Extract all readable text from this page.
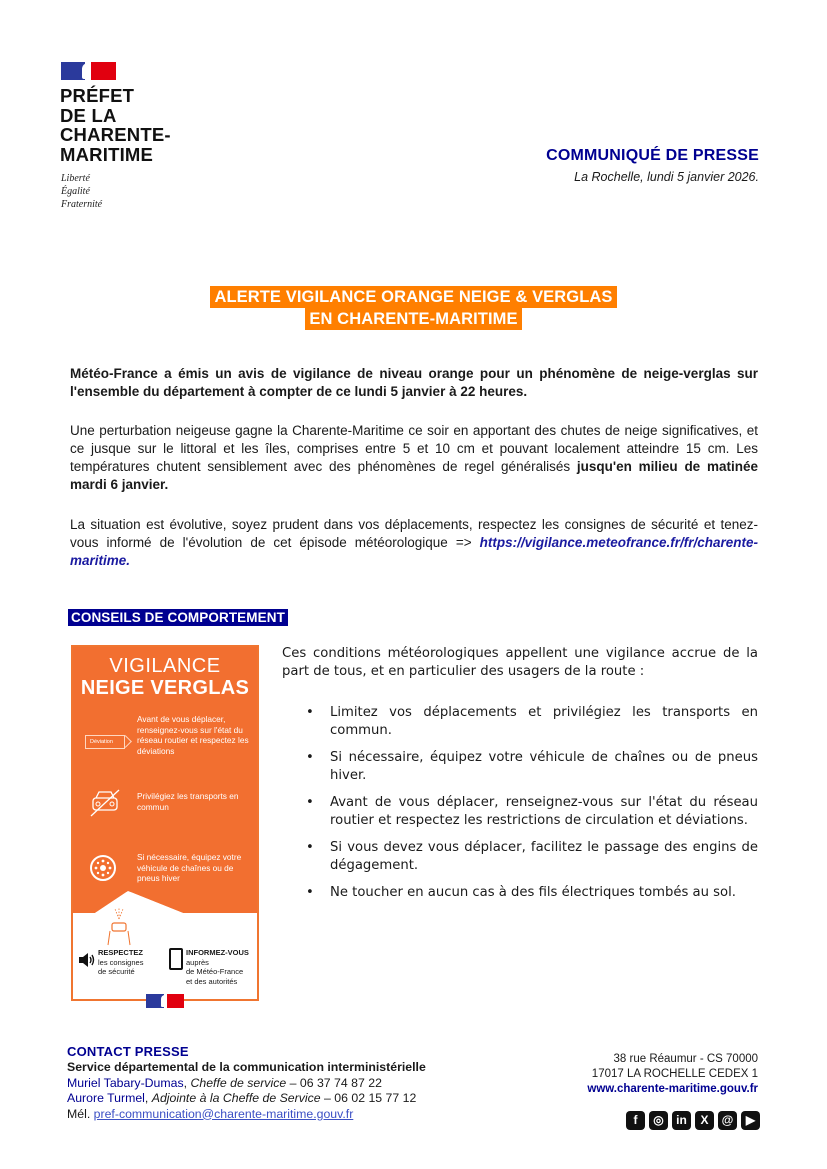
PRÉFET
DE LA
CHARENTE-
MARITIME
Liberté
Égalité
Fraternité
COMMUNIQUÉ DE PRESSE
La Rochelle, lundi 5 janvier 2026.
ALERTE VIGILANCE ORANGE NEIGE & VERGLAS
EN CHARENTE-MARITIME
Météo-France a émis un avis de vigilance de niveau orange pour un phénomène de neige-verglas sur l'ensemble du département à compter de ce lundi 5 janvier à 22 heures.
Une perturbation neigeuse gagne la Charente-Maritime ce soir en apportant des chutes de neige significatives, et ce jusque sur le littoral et les îles, comprises entre 5 et 10 cm et pouvant localement atteindre 15 cm. Les températures chutent sensiblement avec des phénomènes de regel généralisés jusqu'en milieu de matinée mardi 6 janvier.
La situation est évolutive, soyez prudent dans vos déplacements, respectez les consignes de sécurité et tenez-vous informé de l'évolution de cet épisode météorologique => https://vigilance.meteofrance.fr/fr/charente-maritime.
CONSEILS DE COMPORTEMENT
VIGILANCE
NEIGE VERGLAS
Déviation
Avant de vous déplacer, renseignez-vous sur l'état du réseau routier et respectez les déviations
Privilégiez les transports en commun
Si nécessaire, équipez votre véhicule de chaînes ou de pneus hiver
RESPECTEZ
les consignes
de sécurité
INFORMEZ-VOUS
auprès
de Météo-France
et des autorités
Ces conditions météorologiques appellent une vigilance accrue de la part de tous, et en particulier des usagers de la route :
• Limitez vos déplacements et privilégiez les transports en commun.
• Si nécessaire, équipez votre véhicule de chaînes ou de pneus hiver.
• Avant de vous déplacer, renseignez-vous sur l'état du réseau routier et respectez les restrictions de circulation et déviations.
• Si vous devez vous déplacer, facilitez le passage des engins de dégagement.
• Ne toucher en aucun cas à des fils électriques tombés au sol.
CONTACT PRESSE
Service départemental de la communication interministérielle
Muriel Tabary-Dumas, Cheffe de service – 06 37 74 87 22
Aurore Turmel, Adjointe à la Cheffe de Service – 06 02 15 77 12
Mél. pref-communication@charente-maritime.gouv.fr
38 rue Réaumur - CS 70000
17017 LA ROCHELLE CEDEX 1
www.charente-maritime.gouv.fr
f	◎	in	X	@	▶
